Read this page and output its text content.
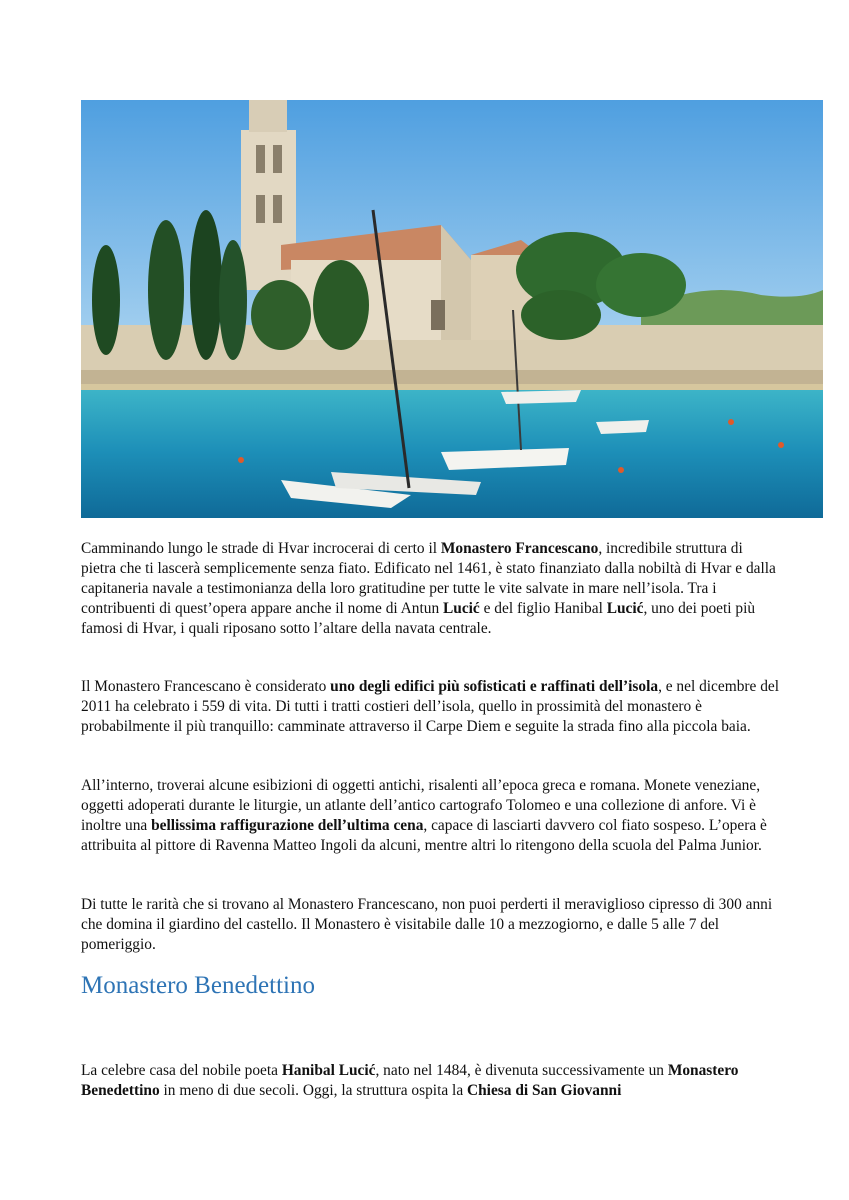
Camminando lungo le strade di Hvar incrocerai di certo il Monastero Francescano, incredibile struttura di pietra che ti lascerà semplicemente senza fiato. Edificato nel 1461, è stato finanziato dalla nobiltà di Hvar e dalla capitaneria navale a testimonianza della loro gratitudine per tutte le vite salvate in mare nell’isola. Tra i contribuenti di quest’opera appare anche il nome di Antun Lucić e del figlio Hanibal Lucić, uno dei poeti più famosi di Hvar, i quali riposano sotto l’altare della navata centrale.

Il Monastero Francescano è considerato uno degli edifici più sofisticati e raffinati dell’isola, e nel dicembre del 2011 ha celebrato i 559 di vita. Di tutti i tratti costieri dell’isola, quello in prossimità del monastero è probabilmente il più tranquillo: camminate attraverso il Carpe Diem e seguite la strada fino alla piccola baia.

All’interno, troverai alcune esibizioni di oggetti antichi, risalenti all’epoca greca e romana. Monete veneziane, oggetti adoperati durante le liturgie, un atlante dell’antico cartografo Tolomeo e una collezione di anfore. Vi è inoltre una bellissima raffigurazione dell’ultima cena, capace di lasciarti davvero col fiato sospeso. L’opera è attribuita al pittore di Ravenna Matteo Ingoli da alcuni, mentre altri lo ritengono della scuola del Palma Junior.

Di tutte le rarità che si trovano al Monastero Francescano, non puoi perderti il meraviglioso cipresso di 300 anni che domina il giardino del castello. Il Monastero è visitabile dalle 10 a mezzogiorno, e dalle 5 alle 7 del pomeriggio.

Monastero Benedettino

La celebre casa del nobile poeta Hanibal Lucić, nato nel 1484, è divenuta successivamente un Monastero Benedettino in meno di due secoli. Oggi, la struttura ospita la Chiesa di San Giovanni
